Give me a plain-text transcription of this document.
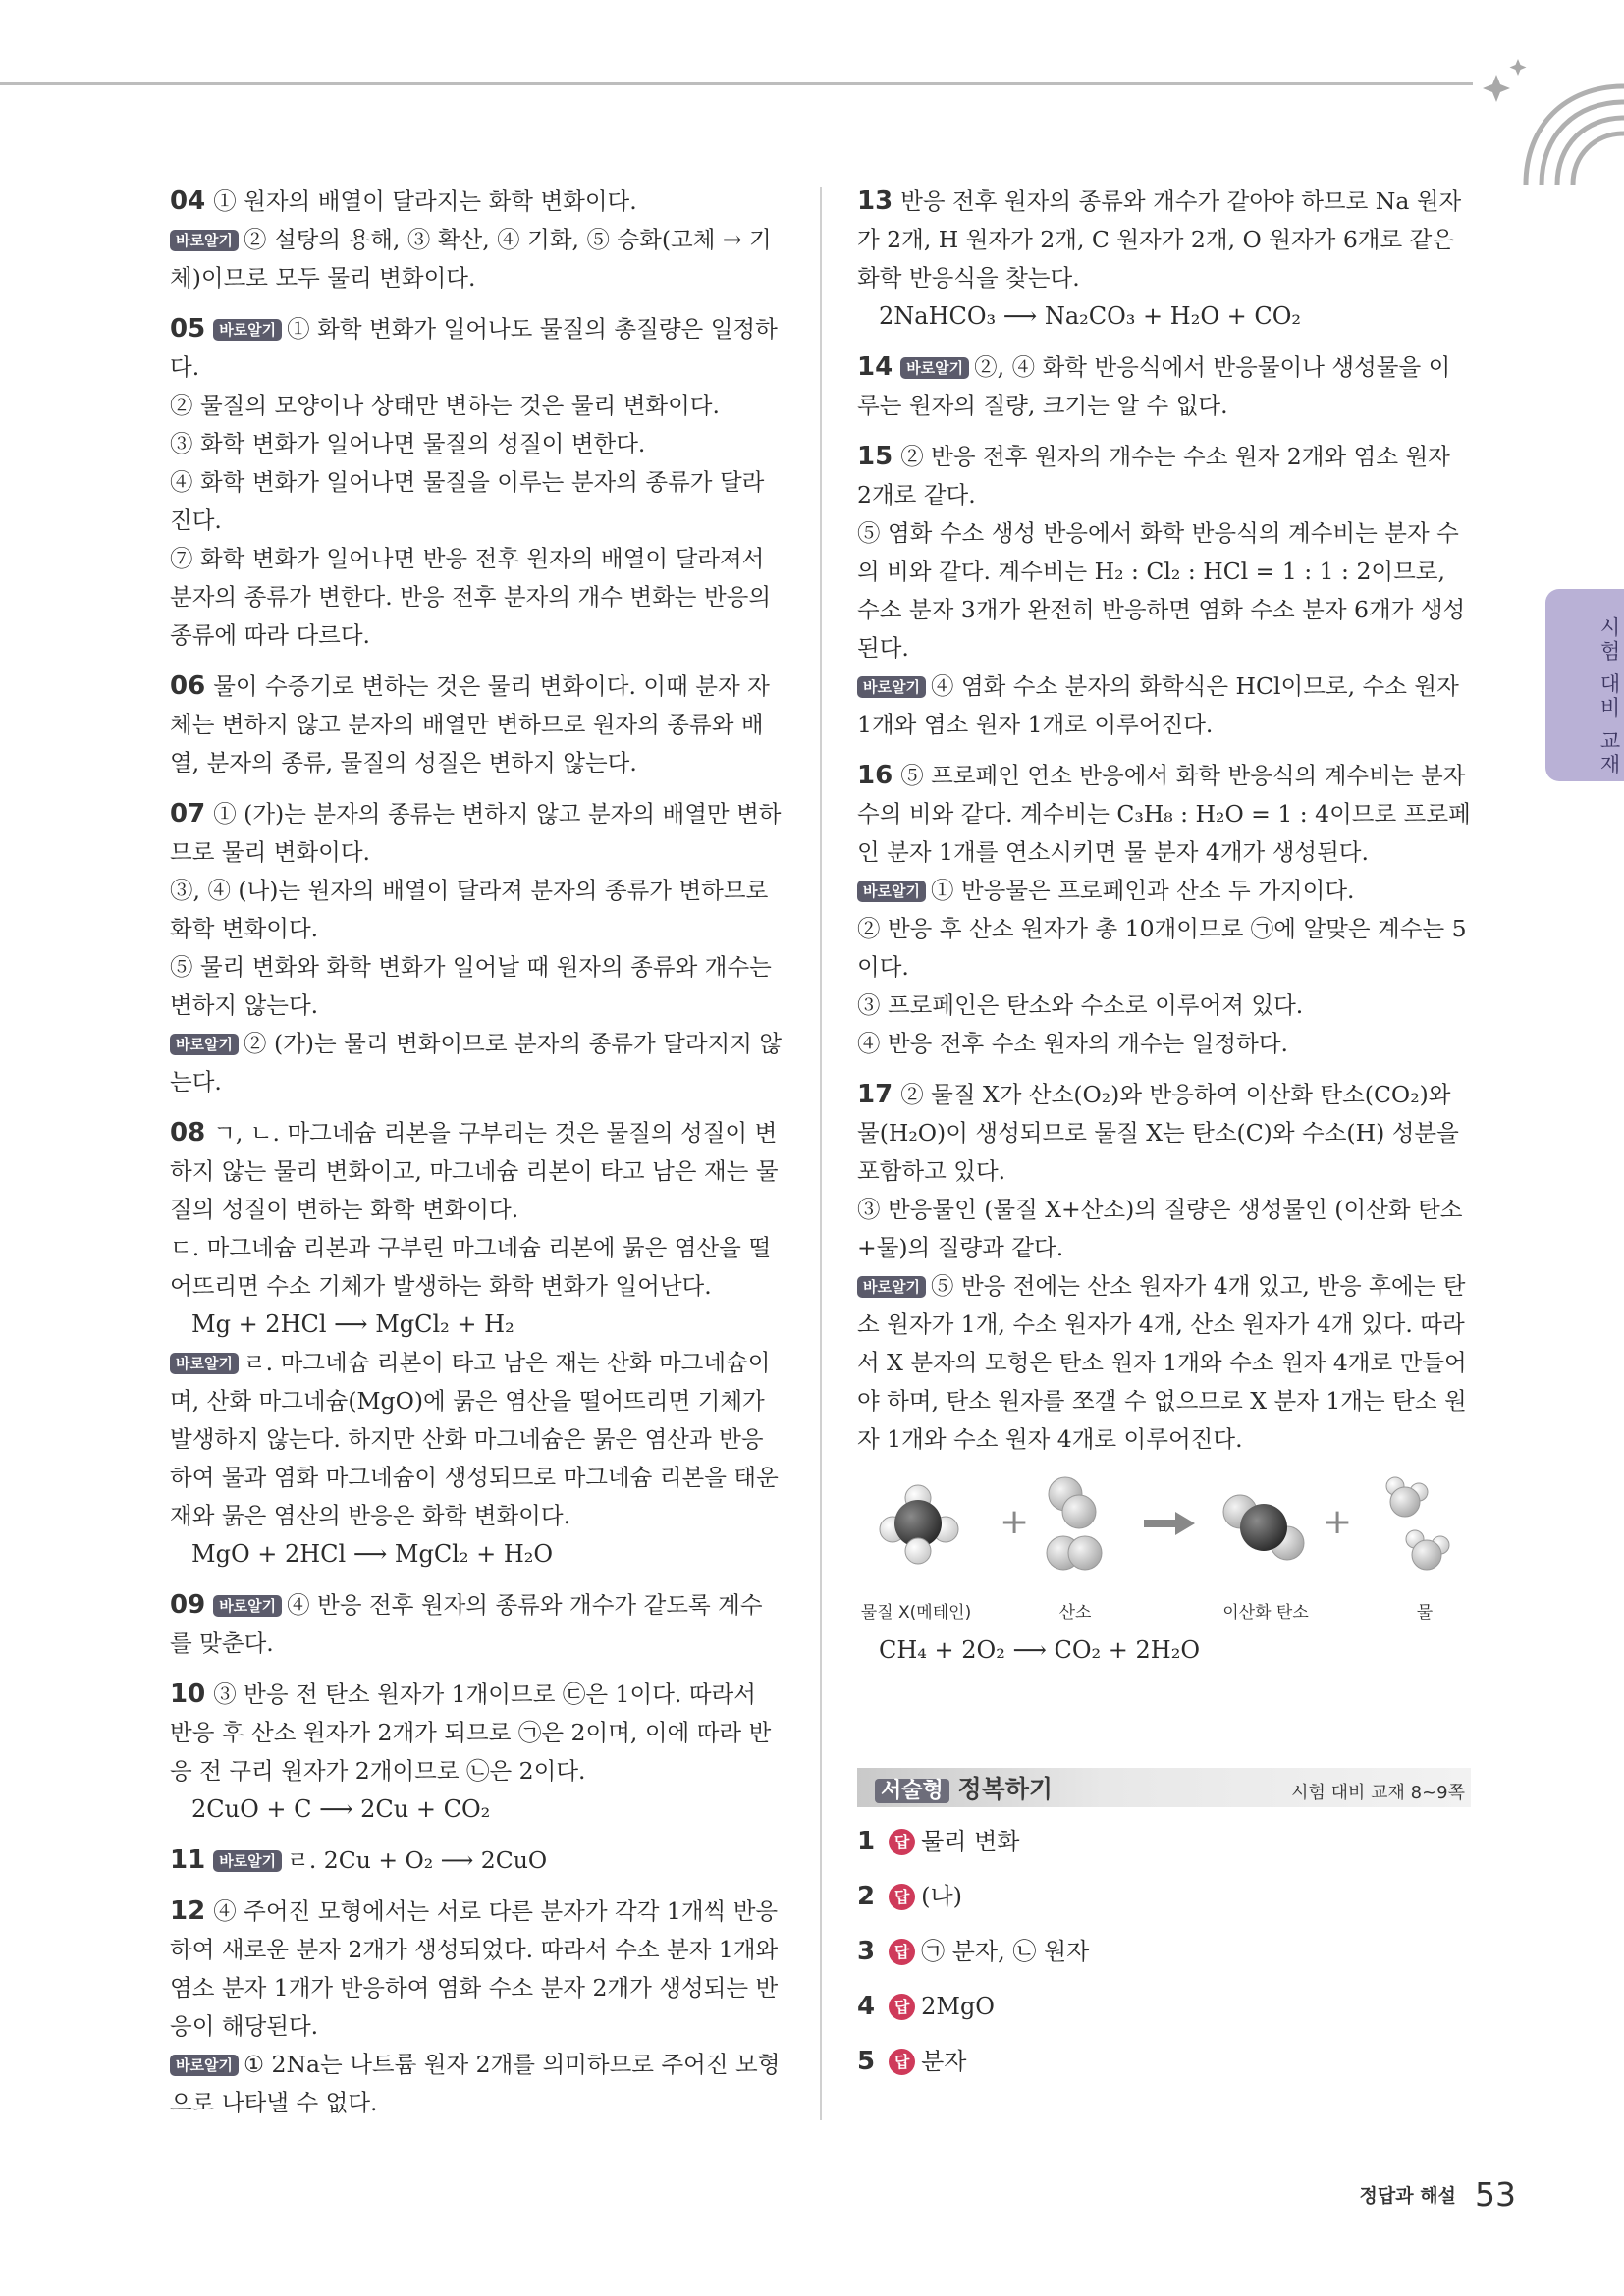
시험 대비 교재
04 ① 원자의 배열이 달라지는 화학 변화이다.
바로알기 ② 설탕의 용해, ③ 확산, ④ 기화, ⑤ 승화(고체 → 기체)이므로 모두 물리 변화이다.
05 바로알기 ① 화학 변화가 일어나도 물질의 총질량은 일정하다.
② 물질의 모양이나 상태만 변하는 것은 물리 변화이다.
③ 화학 변화가 일어나면 물질의 성질이 변한다.
④ 화학 변화가 일어나면 물질을 이루는 분자의 종류가 달라진다.
⑦ 화학 변화가 일어나면 반응 전후 원자의 배열이 달라져서 분자의 종류가 변한다. 반응 전후 분자의 개수 변화는 반응의 종류에 따라 다르다.
06 물이 수증기로 변하는 것은 물리 변화이다. 이때 분자 자체는 변하지 않고 분자의 배열만 변하므로 원자의 종류와 배열, 분자의 종류, 물질의 성질은 변하지 않는다.
07 ① (가)는 분자의 종류는 변하지 않고 분자의 배열만 변하므로 물리 변화이다.
③, ④ (나)는 원자의 배열이 달라져 분자의 종류가 변하므로 화학 변화이다.
⑤ 물리 변화와 화학 변화가 일어날 때 원자의 종류와 개수는 변하지 않는다.
바로알기 ② (가)는 물리 변화이므로 분자의 종류가 달라지지 않는다.
08 ㄱ, ㄴ. 마그네슘 리본을 구부리는 것은 물질의 성질이 변하지 않는 물리 변화이고, 마그네슘 리본이 타고 남은 재는 물질의 성질이 변하는 화학 변화이다.
ㄷ. 마그네슘 리본과 구부린 마그네슘 리본에 묽은 염산을 떨어뜨리면 수소 기체가 발생하는 화학 변화가 일어난다.
Mg + 2HCl ⟶ MgCl₂ + H₂
바로알기 ㄹ. 마그네슘 리본이 타고 남은 재는 산화 마그네슘이며, 산화 마그네슘(MgO)에 묽은 염산을 떨어뜨리면 기체가 발생하지 않는다. 하지만 산화 마그네슘은 묽은 염산과 반응하여 물과 염화 마그네슘이 생성되므로 마그네슘 리본을 태운 재와 묽은 염산의 반응은 화학 변화이다.
MgO + 2HCl ⟶ MgCl₂ + H₂O
09 바로알기 ④ 반응 전후 원자의 종류와 개수가 같도록 계수를 맞춘다.
10 ③ 반응 전 탄소 원자가 1개이므로 ㉢은 1이다. 따라서 반응 후 산소 원자가 2개가 되므로 ㉠은 2이며, 이에 따라 반응 전 구리 원자가 2개이므로 ㉡은 2이다.
2CuO + C ⟶ 2Cu + CO₂
11 바로알기 ㄹ. 2Cu + O₂ ⟶ 2CuO
12 ④ 주어진 모형에서는 서로 다른 분자가 각각 1개씩 반응하여 새로운 분자 2개가 생성되었다. 따라서 수소 분자 1개와 염소 분자 1개가 반응하여 염화 수소 분자 2개가 생성되는 반응이 해당된다.
바로알기 ① 2Na는 나트륨 원자 2개를 의미하므로 주어진 모형으로 나타낼 수 없다.
13 반응 전후 원자의 종류와 개수가 같아야 하므로 Na 원자가 2개, H 원자가 2개, C 원자가 2개, O 원자가 6개로 같은 화학 반응식을 찾는다.
2NaHCO₃ ⟶ Na₂CO₃ + H₂O + CO₂
14 바로알기 ②, ④ 화학 반응식에서 반응물이나 생성물을 이루는 원자의 질량, 크기는 알 수 없다.
15 ② 반응 전후 원자의 개수는 수소 원자 2개와 염소 원자 2개로 같다.
⑤ 염화 수소 생성 반응에서 화학 반응식의 계수비는 분자 수의 비와 같다. 계수비는 H₂ : Cl₂ : HCl = 1 : 1 : 2이므로, 수소 분자 3개가 완전히 반응하면 염화 수소 분자 6개가 생성된다.
바로알기 ④ 염화 수소 분자의 화학식은 HCl이므로, 수소 원자 1개와 염소 원자 1개로 이루어진다.
16 ⑤ 프로페인 연소 반응에서 화학 반응식의 계수비는 분자 수의 비와 같다. 계수비는 C₃H₈ : H₂O = 1 : 4이므로 프로페인 분자 1개를 연소시키면 물 분자 4개가 생성된다.
바로알기 ① 반응물은 프로페인과 산소 두 가지이다.
② 반응 후 산소 원자가 총 10개이므로 ㉠에 알맞은 계수는 5이다.
③ 프로페인은 탄소와 수소로 이루어져 있다.
④ 반응 전후 수소 원자의 개수는 일정하다.
17 ② 물질 X가 산소(O₂)와 반응하여 이산화 탄소(CO₂)와 물(H₂O)이 생성되므로 물질 X는 탄소(C)와 수소(H) 성분을 포함하고 있다.
③ 반응물인 (물질 X+산소)의 질량은 생성물인 (이산화 탄소+물)의 질량과 같다.
바로알기 ⑤ 반응 전에는 산소 원자가 4개 있고, 반응 후에는 탄소 원자가 1개, 수소 원자가 4개, 산소 원자가 4개 있다. 따라서 X 분자의 모형은 탄소 원자 1개와 수소 원자 4개로 만들어야 하며, 탄소 원자를 쪼갤 수 없으므로 X 분자 1개는 탄소 원자 1개와 수소 원자 4개로 이루어진다.
+	+
물질 X(메테인)	산소	이산화 탄소	물
CH₄ + 2O₂ ⟶ CO₂ + 2H₂O
서술형 정복하기	시험 대비 교재 8~9쪽
1 답 물리 변화
2 답 (나)
3 답 ㉠ 분자, ㉡ 원자
4 답 2MgO
5 답 분자
정답과 해설 53
